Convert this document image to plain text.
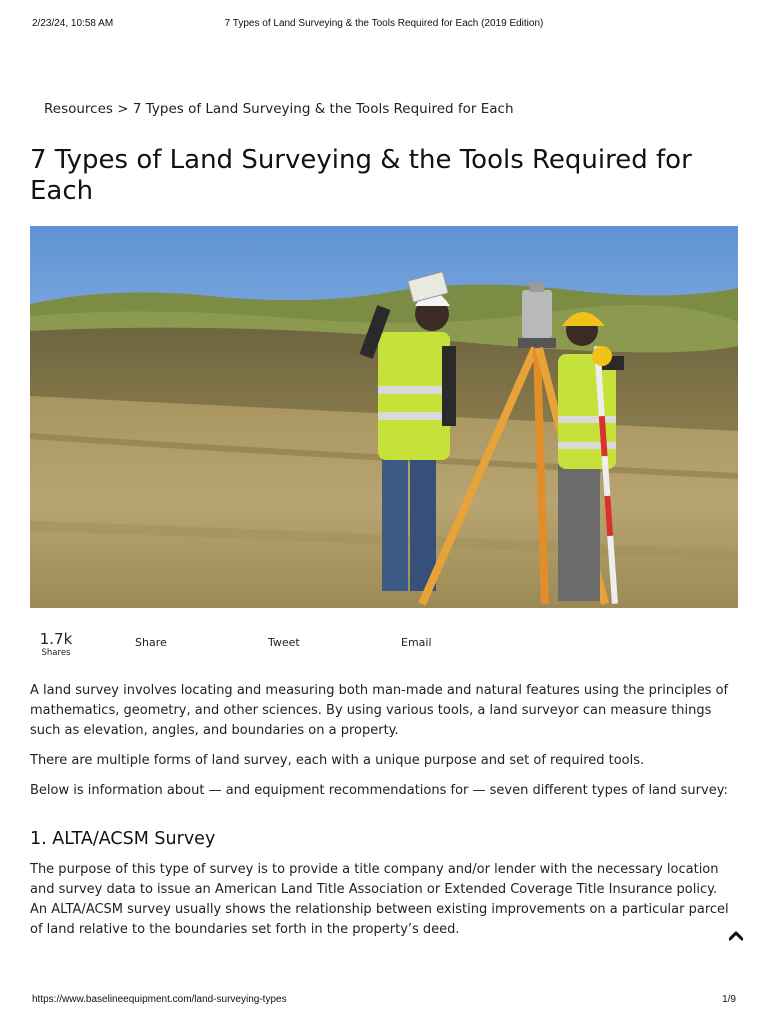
2/23/24, 10:58 AM	7 Types of Land Surveying & the Tools Required for Each (2019 Edition)
Resources > 7 Types of Land Surveying & the Tools Required for Each
7 Types of Land Surveying & the Tools Required for Each
1.7k
Shares
Share	Tweet	Email

A land survey involves locating and measuring both man-made and natural features using the principles of mathematics, geometry, and other sciences. By using various tools, a land surveyor can measure things such as elevation, angles, and boundaries on a property.

There are multiple forms of land survey, each with a unique purpose and set of required tools.

Below is information about — and equipment recommendations for — seven different types of land survey:

1. ALTA/ACSM Survey

The purpose of this type of survey is to provide a title company and/or lender with the necessary location and survey data to issue an American Land Title Association or Extended Coverage Title Insurance policy. An ALTA/ACSM survey usually shows the relationship between existing improvements on a particular parcel of land relative to the boundaries set forth in the property’s deed.

https://www.baselineequipment.com/land-surveying-types	1/9
